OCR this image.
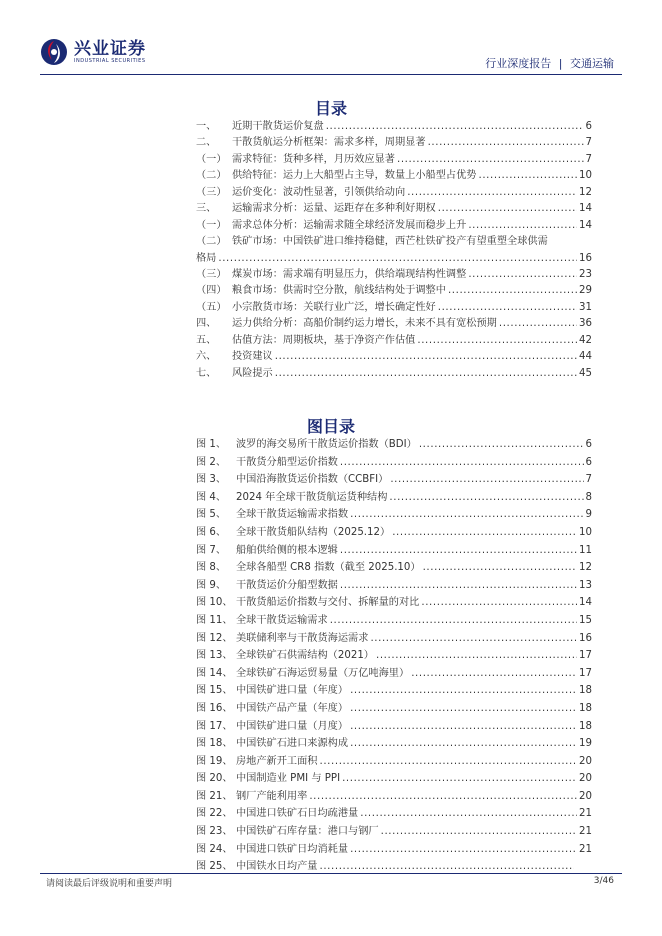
兴业证券
INDUSTRIAL SECURITIES	行业深度报告 | 交通运输
目录
一、	近期干散货运价复盘 .....	6
二、	干散货航运分析框架：需求多样，周期显著 .....	7
（一） 需求特征：货种多样，月历效应显著 .....	7
（二） 供给特征：运力上大船型占主导，数量上小船型占优势 .....	10
（三） 运价变化：波动性显著，引领供给动向 .....	12
三、	运输需求分析：运量、运距存在多种利好期权 .....	14
（一） 需求总体分析：运输需求随全球经济发展而稳步上升 .....	14
（二） 铁矿市场：中国铁矿进口维持稳健，西芒杜铁矿投产有望重塑全球供需
格局 .....	16
（三） 煤炭市场：需求端有明显压力，供给端现结构性调整 .....	23
（四） 粮食市场：供需时空分散，航线结构处于调整中 .....	29
（五） 小宗散货市场：关联行业广泛，增长确定性好 .....	31
四、	运力供给分析：高船价制约运力增长，未来不具有宽松预期 .....	36
五、	估值方法：周期板块，基于净资产作估值 .....	42
六、	投资建议 .....	44
七、	风险提示 .....	45
图目录
图 1、 波罗的海交易所干散货运价指数（BDI） .....	6
图 2、 干散货分船型运价指数 .....	6
图 3、 中国沿海散货运价指数（CCBFI） .....	7
图 4、 2024 年全球干散货航运货种结构 .....	8
图 5、 全球干散货运输需求指数 .....	9
图 6、 全球干散货船队结构（2025.12） .....	10
图 7、 船舶供给侧的根本逻辑 .....	11
图 8、 全球各船型 CR8 指数（截至 2025.10） .....	12
图 9、 干散货运价分船型数据 .....	13
图 10、 干散货船运价指数与交付、拆解量的对比 .....	14
图 11、 全球干散货运输需求 .....	15
图 12、 美联储利率与干散货海运需求 .....	16
图 13、 全球铁矿石供需结构（2021） .....	17
图 14、 全球铁矿石海运贸易量（万亿吨海里） .....	17
图 15、 中国铁矿进口量（年度） .....	18
图 16、 中国铁产品产量（年度） .....	18
图 17、 中国铁矿进口量（月度） .....	18
图 18、 中国铁矿石进口来源构成 .....	19
图 19、 房地产新开工面积 .....	20
图 20、 中国制造业 PMI 与 PPI .....	20
图 21、 钢厂产能利用率 .....	20
图 22、 中国进口铁矿石日均疏港量 .....	21
图 23、 中国铁矿石库存量：港口与钢厂 .....	21
图 24、 中国进口铁矿日均消耗量 .....	21
图 25、 中国铁水日均产量
.....
请阅读最后评级说明和重要声明	3/46
